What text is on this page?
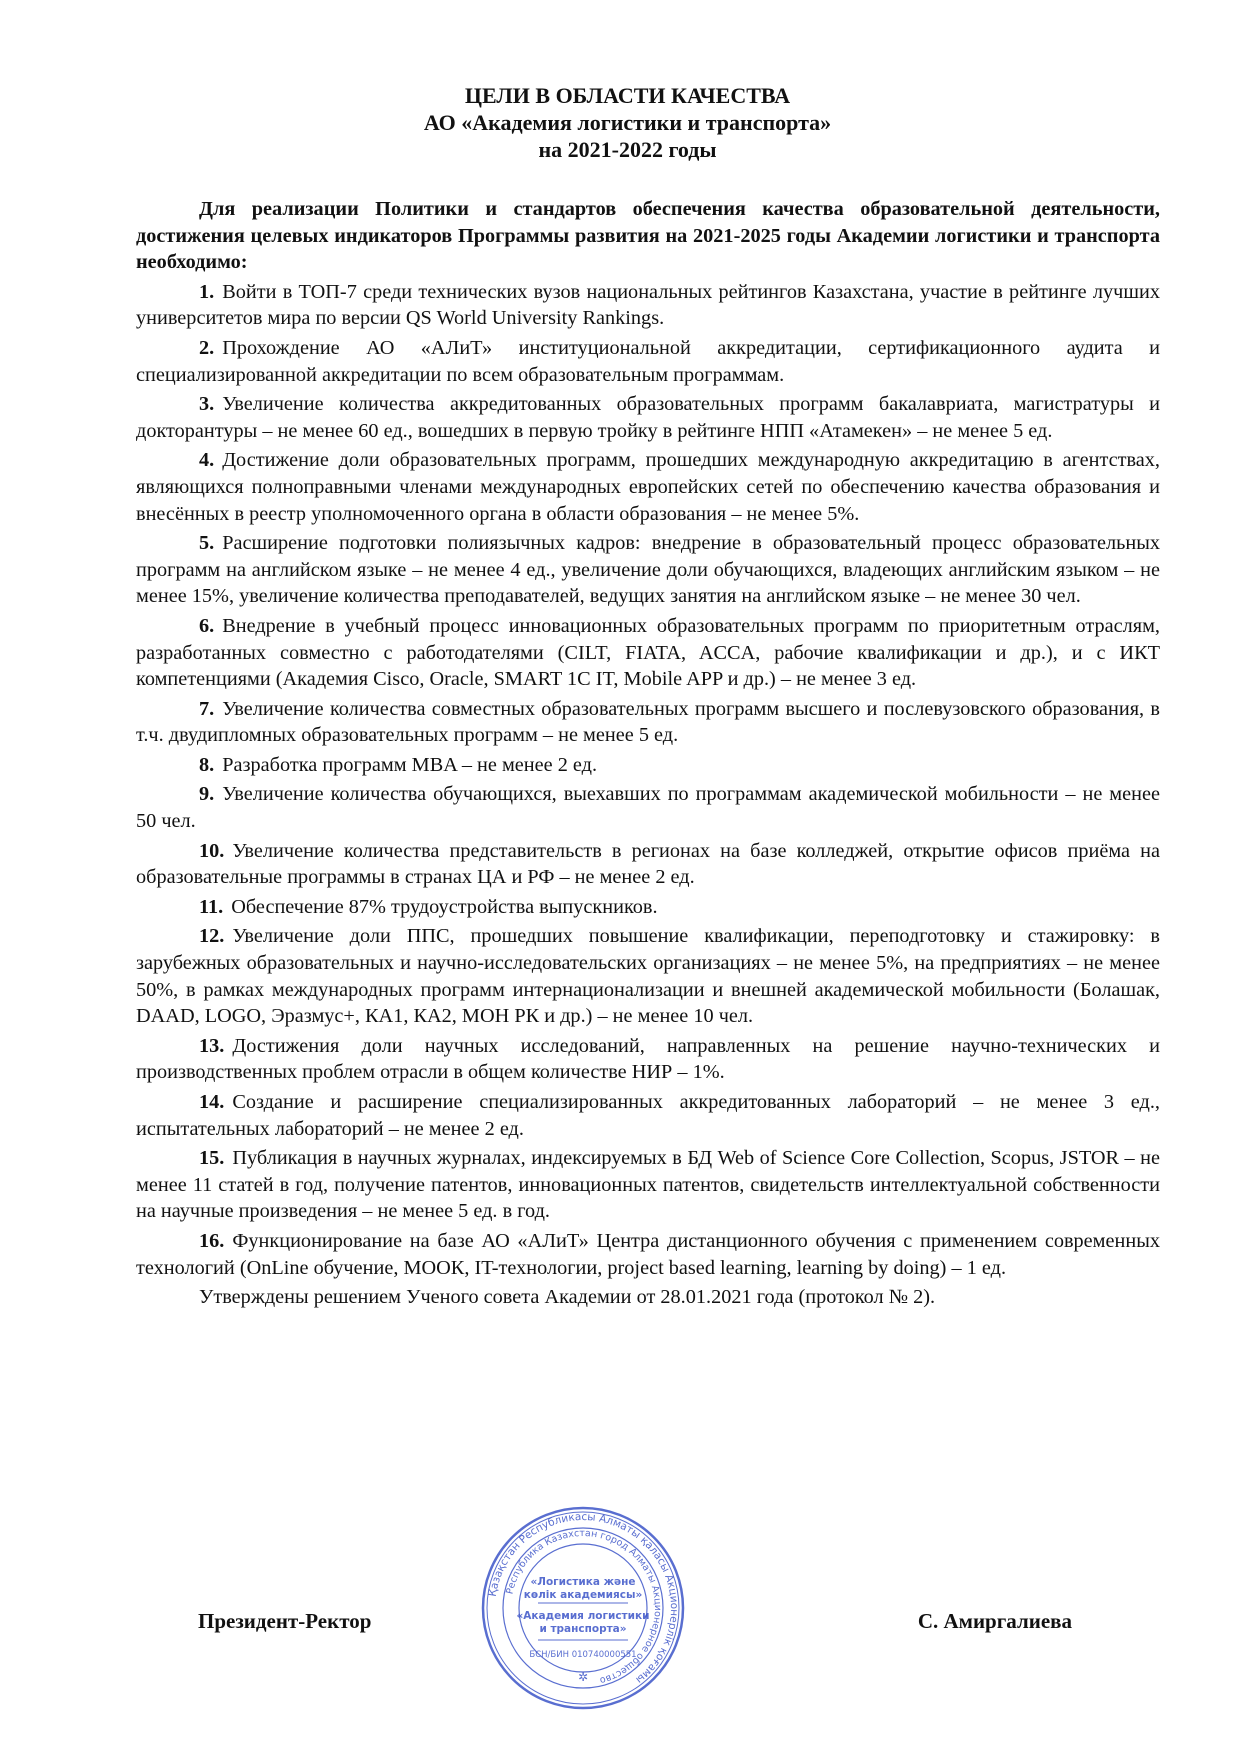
ЦЕЛИ В ОБЛАСТИ КАЧЕСТВА
АО «Академия логистики и транспорта»
на 2021-2022 годы

Для реализации Политики и стандартов обеспечения качества образовательной деятельности, достижения целевых индикаторов Программы развития на 2021-2025 годы Академии логистики и транспорта необходимо:

1. Войти в ТОП-7 среди технических вузов национальных рейтингов Казахстана, участие в рейтинге лучших университетов мира по версии QS World University Rankings.

2. Прохождение АО «АЛиТ» институциональной аккредитации, сертификационного аудита и специализированной аккредитации по всем образовательным программам.

3. Увеличение количества аккредитованных образовательных программ бакалавриата, магистратуры и докторантуры – не менее 60 ед., вошедших в первую тройку в рейтинге НПП «Атамекен» – не менее 5 ед.

4. Достижение доли образовательных программ, прошедших международную аккредитацию в агентствах, являющихся полноправными членами международных европейских сетей по обеспечению качества образования и внесённых в реестр уполномоченного органа в области образования – не менее 5%.

5. Расширение подготовки полиязычных кадров: внедрение в образовательный процесс образовательных программ на английском языке – не менее 4 ед., увеличение доли обучающихся, владеющих английским языком – не менее 15%, увеличение количества преподавателей, ведущих занятия на английском языке – не менее 30 чел.

6. Внедрение в учебный процесс инновационных образовательных программ по приоритетным отраслям, разработанных совместно с работодателями (CILT, FIATA, ACCA, рабочие квалификации и др.), и с ИКТ компетенциями (Академия Cisco, Oracle, SMART 1C IT, Mobile APP и др.) – не менее 3 ед.

7. Увеличение количества совместных образовательных программ высшего и послевузовского образования, в т.ч. двудипломных образовательных программ – не менее 5 ед.

8. Разработка программ MBA – не менее 2 ед.

9. Увеличение количества обучающихся, выехавших по программам академической мобильности – не менее 50 чел.

10. Увеличение количества представительств в регионах на базе колледжей, открытие офисов приёма на образовательные программы в странах ЦА и РФ – не менее 2 ед.

11. Обеспечение 87% трудоустройства выпускников.

12. Увеличение доли ППС, прошедших повышение квалификации, переподготовку и стажировку: в зарубежных образовательных и научно-исследовательских организациях – не менее 5%, на предприятиях – не менее 50%, в рамках международных программ интернационализации и внешней академической мобильности (Болашак, DAAD, LOGO, Эразмус+, КА1, КА2, МОН РК и др.) – не менее 10 чел.

13. Достижения доли научных исследований, направленных на решение научно-технических и производственных проблем отрасли в общем количестве НИР – 1%.

14. Создание и расширение специализированных аккредитованных лабораторий – не менее 3 ед., испытательных лабораторий – не менее 2 ед.

15. Публикация в научных журналах, индексируемых в БД Web of Science Core Collection, Scopus, JSTOR – не менее 11 статей в год, получение патентов, инновационных патентов, свидетельств интеллектуальной собственности на научные произведения – не менее 5 ед. в год.

16. Функционирование на базе АО «АЛиТ» Центра дистанционного обучения с применением современных технологий (OnLine обучение, МООК, IT-технологии, project based learning, learning by doing) – 1 ед.

Утверждены решением Ученого совета Академии от 28.01.2021 года (протокол № 2).

Президент-Ректор	С. Амиргалиева
Қазақстан Республикасы Алматы қаласы Акционерлік қоғамы
Республика Казахстан город Алматы Акционерное общество
«Логистика және
көлік академиясы»
«Академия логистики
и транспорта»
БСН/БИН 010740000551
✲
